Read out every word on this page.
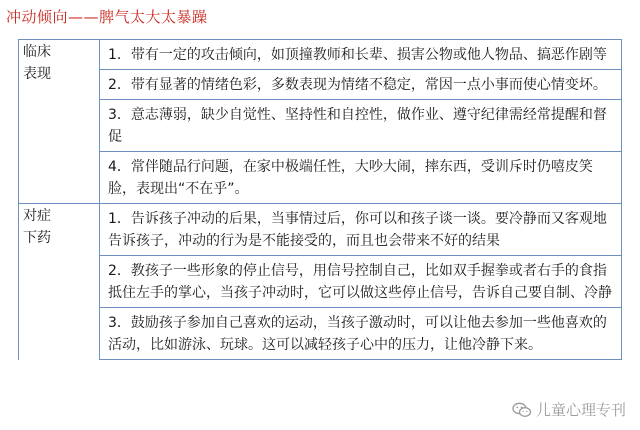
冲动倾向——脾气太大太暴躁
临床
表现	1．带有一定的攻击倾向，如顶撞教师和长辈、损害公物或他人物品、搞恶作剧等
	2．带有显著的情绪色彩，多数表现为情绪不稳定，常因一点小事而使心情变坏。
	3．意志薄弱，缺少自觉性、坚持性和自控性，做作业、遵守纪律需经常提醒和督促
	4．常伴随品行问题，在家中极端任性，大吵大闹，摔东西，受训斥时仍嘻皮笑脸，表现出“不在乎”。
对症
下药	1．告诉孩子冲动的后果，当事情过后，你可以和孩子谈一谈。要冷静而又客观地告诉孩子，冲动的行为是不能接受的，而且也会带来不好的结果
	2．教孩子一些形象的停止信号，用信号控制自己，比如双手握拳或者右手的食指抵住左手的掌心，当孩子冲动时，它可以做这些停止信号，告诉自己要自制、冷静
	3．鼓励孩子参加自己喜欢的运动，当孩子激动时，可以让他去参加一些他喜欢的活动，比如游泳、玩球。这可以减轻孩子心中的压力，让他冷静下来。
儿童心理专刊
